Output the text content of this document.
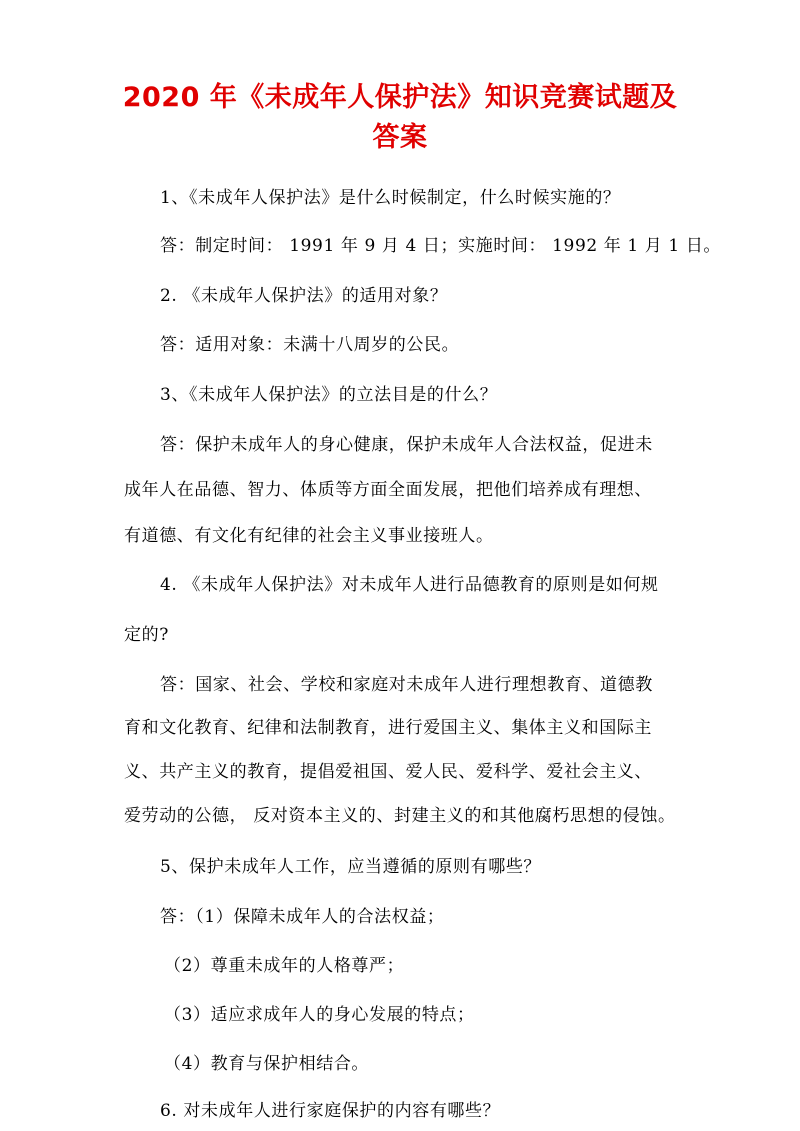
2020 年《未成年人保护法》知识竞赛试题及
答案
1、《未成年人保护法》是什么时候制定，什么时候实施的？
答：制定时间： 1991 年 9 月 4 日；实施时间： 1992 年 1 月 1 日。
2. 《未成年人保护法》的适用对象？
答：适用对象：未满十八周岁的公民。
3、《未成年人保护法》的立法目是的什么？
答：保护未成年人的身心健康，保护未成年人合法权益，促进未
成年人在品德、智力、体质等方面全面发展，把他们培养成有理想、
有道德、有文化有纪律的社会主义事业接班人。
4. 《未成年人保护法》对未成年人进行品德教育的原则是如何规
定的?
答：国家、社会、学校和家庭对未成年人进行理想教育、道德教
育和文化教育、纪律和法制教育，进行爱国主义、集体主义和国际主
义、共产主义的教育，提倡爱祖国、爱人民、爱科学、爱社会主义、
爱劳动的公德， 反对资本主义的、封建主义的和其他腐朽思想的侵蚀。
5、保护未成年人工作，应当遵循的原则有哪些？
答：（1）保障未成年人的合法权益；
（2）尊重未成年的人格尊严；
（3）适应求成年人的身心发展的特点；
（4）教育与保护相结合。
6. 对未成年人进行家庭保护的内容有哪些？
